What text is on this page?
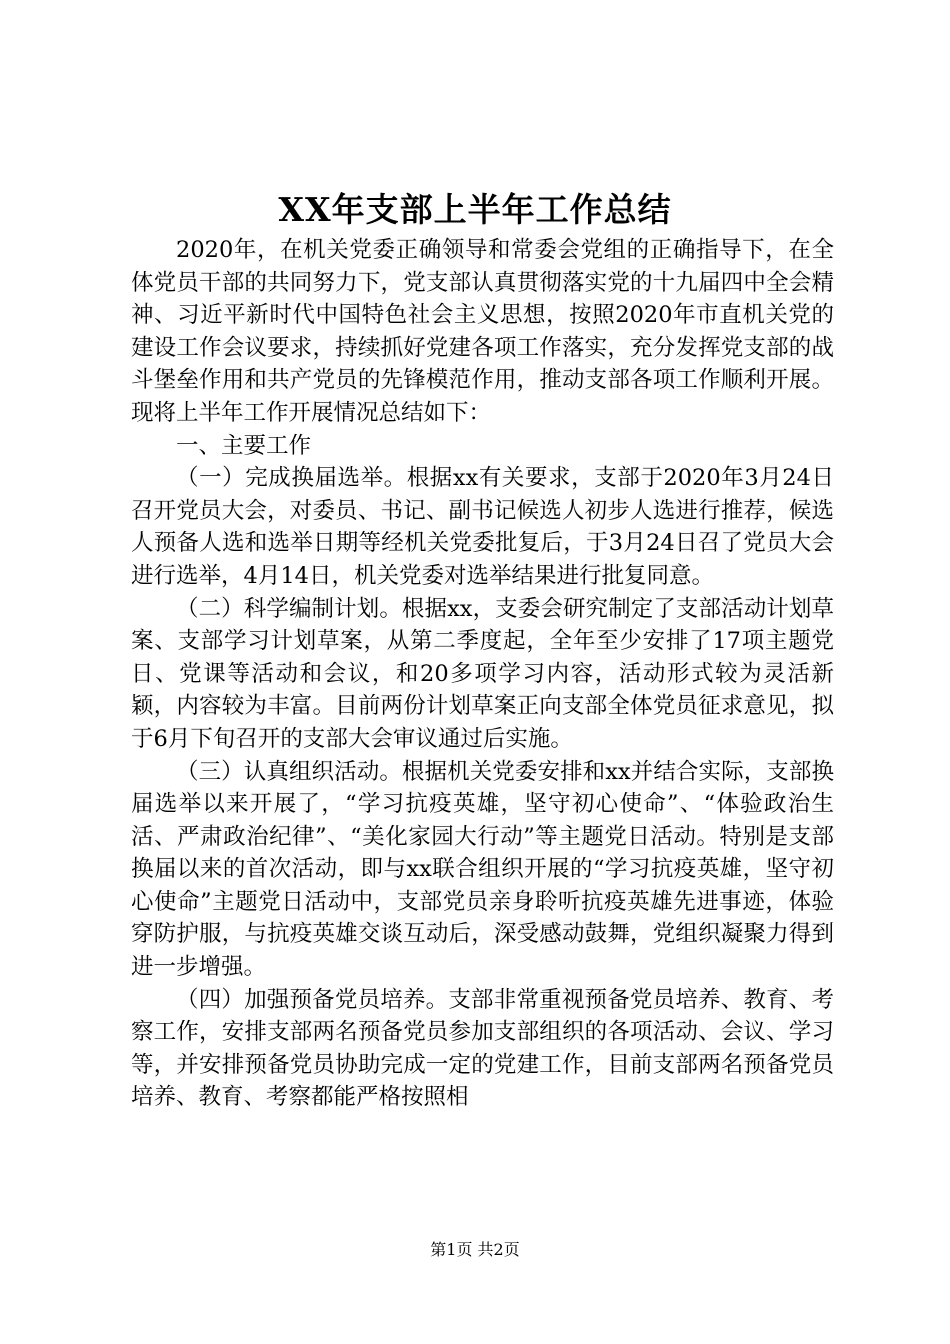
XX年支部上半年工作总结

2020年，在机关党委正确领导和常委会党组的正确指导下，在全体党员干部的共同努力下，党支部认真贯彻落实党的十九届四中全会精神、习近平新时代中国特色社会主义思想，按照2020年市直机关党的建设工作会议要求，持续抓好党建各项工作落实，充分发挥党支部的战斗堡垒作用和共产党员的先锋模范作用，推动支部各项工作顺利开展。现将上半年工作开展情况总结如下：

一、主要工作

（一）完成换届选举。根据xx有关要求，支部于2020年3月24日召开党员大会，对委员、书记、副书记候选人初步人选进行推荐，候选人预备人选和选举日期等经机关党委批复后，于3月24日召了党员大会进行选举，4月14日，机关党委对选举结果进行批复同意。

（二）科学编制计划。根据xx，支委会研究制定了支部活动计划草案、支部学习计划草案，从第二季度起，全年至少安排了17项主题党日、党课等活动和会议，和20多项学习内容，活动形式较为灵活新颖，内容较为丰富。目前两份计划草案正向支部全体党员征求意见，拟于6月下旬召开的支部大会审议通过后实施。

（三）认真组织活动。根据机关党委安排和xx并结合实际，支部换届选举以来开展了，“学习抗疫英雄，坚守初心使命”、“体验政治生活、严肃政治纪律”、“美化家园大行动”等主题党日活动。特别是支部换届以来的首次活动，即与xx联合组织开展的“学习抗疫英雄，坚守初心使命”主题党日活动中，支部党员亲身聆听抗疫英雄先进事迹，体验穿防护服，与抗疫英雄交谈互动后，深受感动鼓舞，党组织凝聚力得到进一步增强。

（四）加强预备党员培养。支部非常重视预备党员培养、教育、考察工作，安排支部两名预备党员参加支部组织的各项活动、会议、学习等，并安排预备党员协助完成一定的党建工作，目前支部两名预备党员培养、教育、考察都能严格按照相

第1页 共2页
